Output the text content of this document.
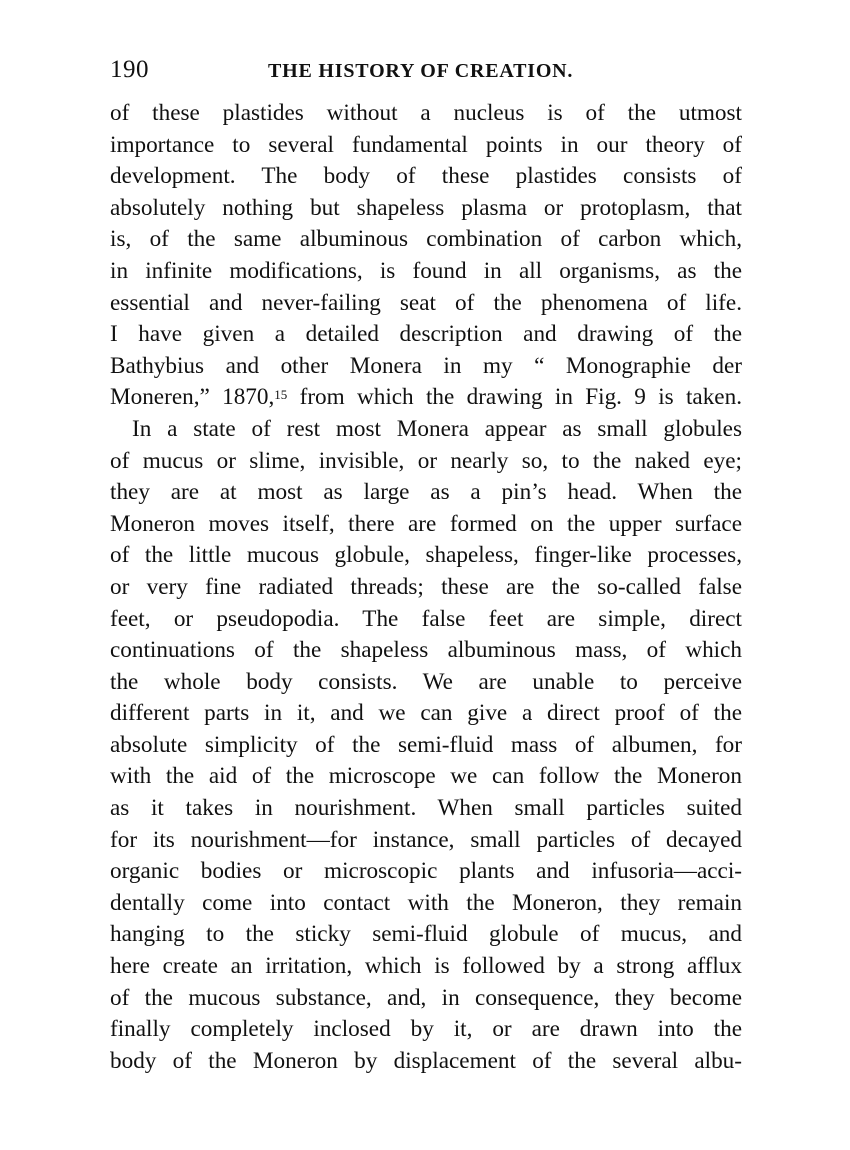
190	THE HISTORY OF CREATION.
of these plastides without a nucleus is of the utmost
importance to several fundamental points in our theory of
development. The body of these plastides consists of
absolutely nothing but shapeless plasma or protoplasm, that
is, of the same albuminous combination of carbon which,
in infinite modifications, is found in all organisms, as the
essential and never-failing seat of the phenomena of life.
I have given a detailed description and drawing of the
Bathybius and other Monera in my “ Monographie der
Moneren,” 1870,15 from which the drawing in Fig. 9 is taken.
In a state of rest most Monera appear as small globules
of mucus or slime, invisible, or nearly so, to the naked eye;
they are at most as large as a pin’s head. When the
Moneron moves itself, there are formed on the upper surface
of the little mucous globule, shapeless, finger-like processes,
or very fine radiated threads; these are the so-called false
feet, or pseudopodia. The false feet are simple, direct
continuations of the shapeless albuminous mass, of which
the whole body consists. We are unable to perceive
different parts in it, and we can give a direct proof of the
absolute simplicity of the semi-fluid mass of albumen, for
with the aid of the microscope we can follow the Moneron
as it takes in nourishment. When small particles suited
for its nourishment—for instance, small particles of decayed
organic bodies or microscopic plants and infusoria—acci-
dentally come into contact with the Moneron, they remain
hanging to the sticky semi-fluid globule of mucus, and
here create an irritation, which is followed by a strong afflux
of the mucous substance, and, in consequence, they become
finally completely inclosed by it, or are drawn into the
body of the Moneron by displacement of the several albu-
